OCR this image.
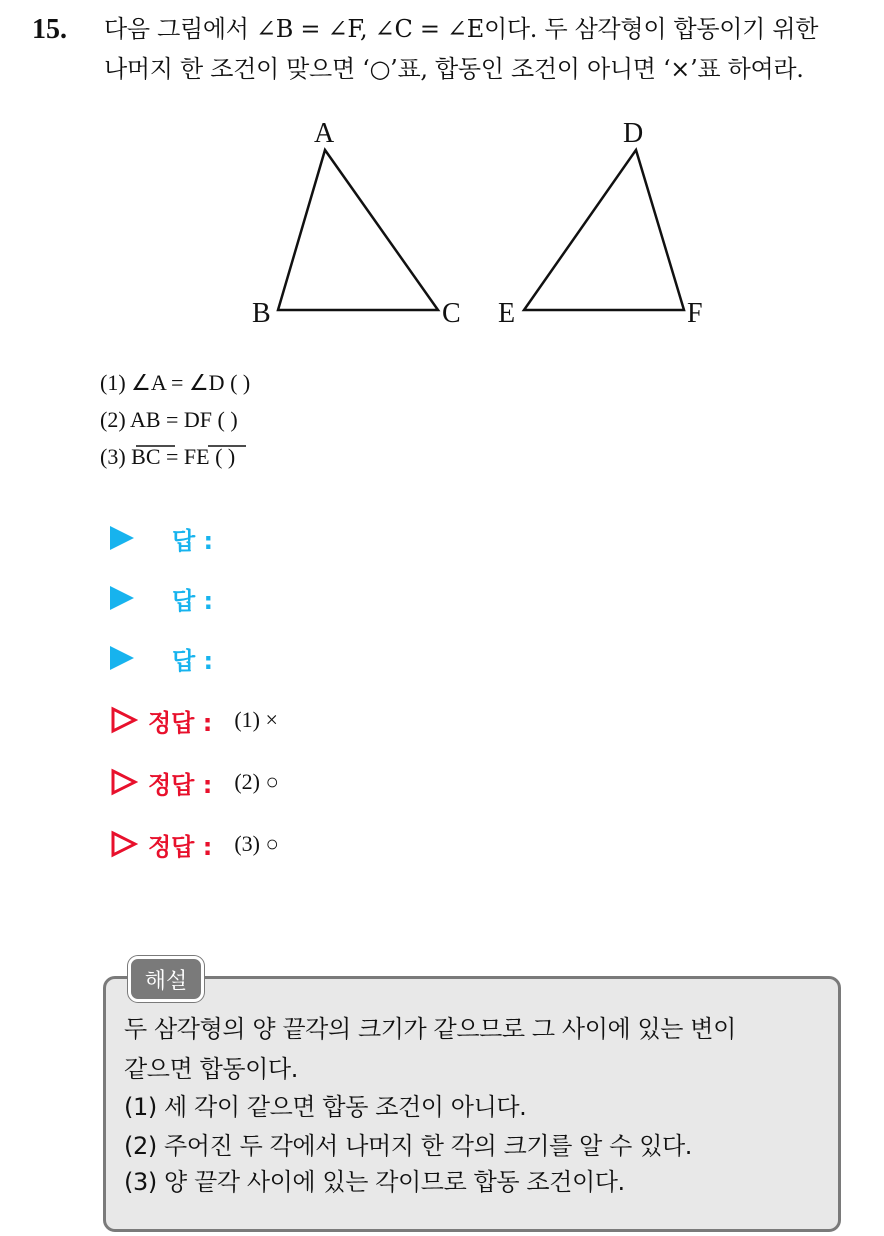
15. 다음 그림에서 ∠B = ∠F, ∠C = ∠E이다. 두 삼각형이 합동이기 위한
나머지 한 조건이 맞으면 ‘○’표, 합동인 조건이 아니면 ‘×’표 하여라.
A
B	C
D
E	F
(1) ∠A = ∠D ( )
(2) AB = DF ( )
(3) BC = FE ( )
답 :
답 :
답 :
정답 : (1) ×
정답 : (2) ○
정답 : (3) ○
해설
두 삼각형의 양 끝각의 크기가 같으므로 그 사이에 있는 변이
같으면 합동이다.
(1) 세 각이 같으면 합동 조건이 아니다.
(2) 주어진 두 각에서 나머지 한 각의 크기를 알 수 있다.
(3) 양 끝각 사이에 있는 각이므로 합동 조건이다.
